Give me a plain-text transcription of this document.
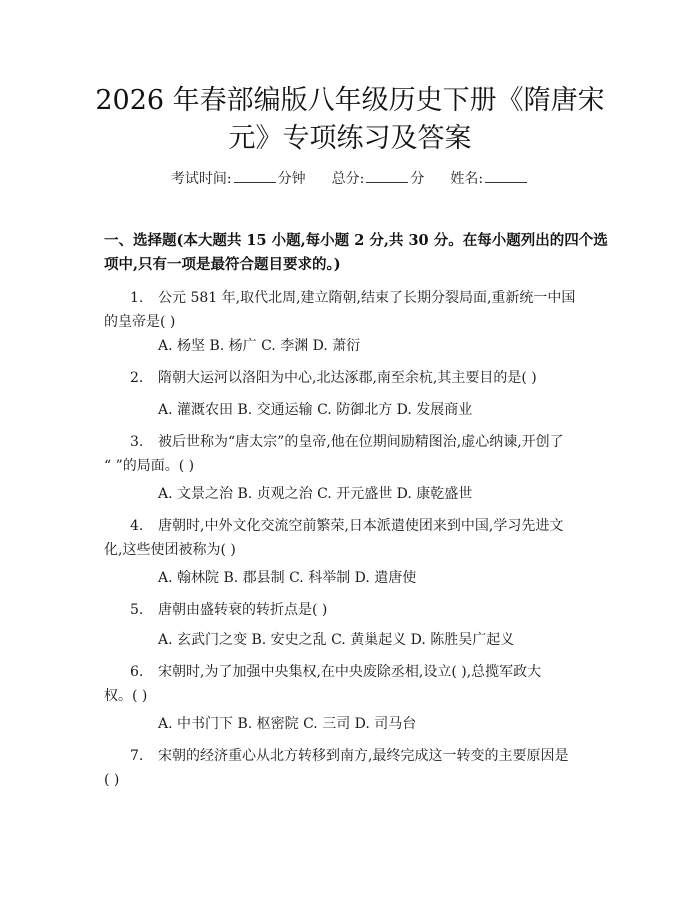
2026 年春部编版八年级历史下册《隋唐宋
元》专项练习及答案
考试时间:	分钟 总分:	分 姓名:
一、选择题(本大题共 15 小题,每小题 2 分,共 30 分。在每小题列出的四个选
项中,只有一项是最符合题目要求的。)
1. 公元 581 年,取代北周,建立隋朝,结束了长期分裂局面,重新统一中国
的皇帝是( )
A. 杨坚 B. 杨广 C. 李渊 D. 萧衍
2. 隋朝大运河以洛阳为中心,北达涿郡,南至余杭,其主要目的是( )
A. 灌溉农田 B. 交通运输 C. 防御北方 D. 发展商业
3. 被后世称为“唐太宗”的皇帝,他在位期间励精图治,虚心纳谏,开创了
“ ”的局面。( )
A. 文景之治 B. 贞观之治 C. 开元盛世 D. 康乾盛世
4. 唐朝时,中外文化交流空前繁荣,日本派遣使团来到中国,学习先进文
化,这些使团被称为( )
A. 翰林院 B. 郡县制 C. 科举制 D. 遣唐使
5. 唐朝由盛转衰的转折点是( )
A. 玄武门之变 B. 安史之乱 C. 黄巢起义 D. 陈胜吴广起义
6. 宋朝时,为了加强中央集权,在中央废除丞相,设立( ),总揽军政大
权。( )
A. 中书门下 B. 枢密院 C. 三司 D. 司马台
7. 宋朝的经济重心从北方转移到南方,最终完成这一转变的主要原因是
( )
